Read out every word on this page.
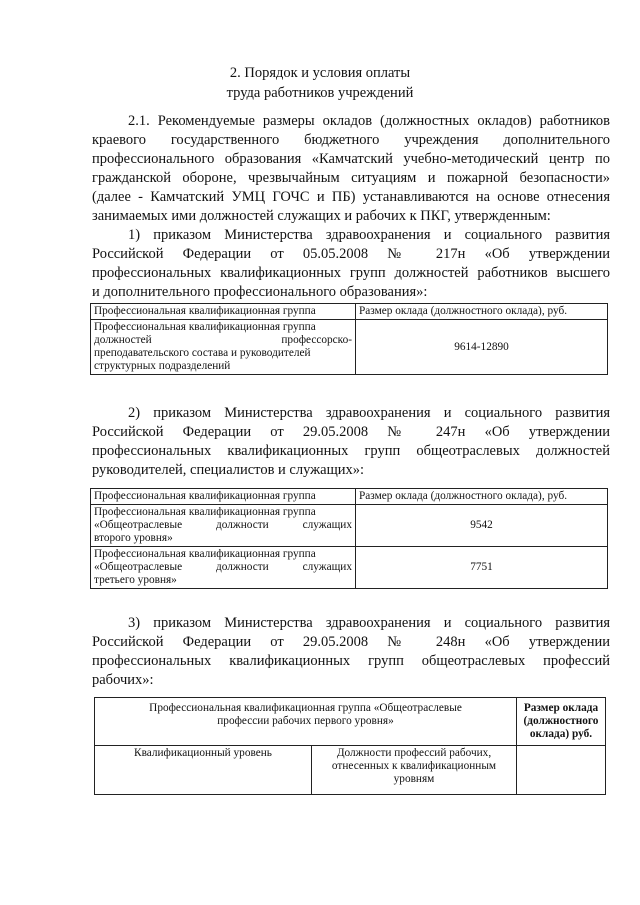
2. Порядок и условия оплаты
труда работников учреждений
2.1. Рекомендуемые размеры окладов (должностных окладов) работников
краевого государственного бюджетного учреждения дополнительного
профессионального образования «Камчатский учебно-методический центр по
гражданской обороне, чрезвычайным ситуациям и пожарной безопасности»
(далее - Камчатский УМЦ ГОЧС и ПБ) устанавливаются на основе отнесения
занимаемых ими должностей служащих и рабочих к ПКГ, утвержденным:
1) приказом Министерства здравоохранения и социального развития
Российской Федерации от 05.05.2008 № 217н «Об утверждении
профессиональных квалификационных групп должностей работников высшего
и дополнительного профессионального образования»:
Профессиональная квалификационная группа	Размер оклада (должностного оклада), руб.

Профессиональная квалификационная группа
должностей профессорско-
преподавательского состава и руководителей
структурных подразделений	9614-12890
2) приказом Министерства здравоохранения и социального развития
Российской Федерации от 29.05.2008 № 247н «Об утверждении
профессиональных квалификационных групп общеотраслевых должностей
руководителей, специалистов и служащих»:
Профессиональная квалификационная группа	Размер оклада (должностного оклада), руб.

Профессиональная квалификационная группа
«Общеотраслевые должности служащих
второго уровня»	9542

Профессиональная квалификационная группа
«Общеотраслевые должности служащих
третьего уровня»	7751
3) приказом Министерства здравоохранения и социального развития
Российской Федерации от 29.05.2008 № 248н «Об утверждении
профессиональных квалификационных групп общеотраслевых профессий
рабочих»:
Профессиональная квалификационная группа «Общеотраслевые
профессии рабочих первого уровня»		Размер оклада
(должностного
оклада) руб.

Квалификационный уровень	Должности профессий рабочих,
отнесенных к квалификационным
уровням	
